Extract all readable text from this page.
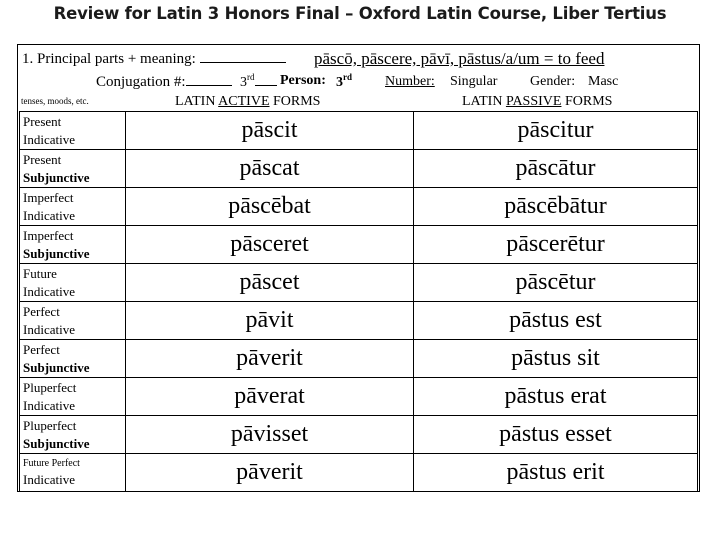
Review for Latin 3 Honors Final – Oxford Latin Course, Liber Tertius
1. Principal parts + meaning:	pāscō, pāscere, pāvī, pāstus/a/um = to feed
Conjugation #:	3rd	Person: 3rd Number: Singular Gender: Masc
tenses, moods, etc.	LATIN ACTIVE FORMS	LATIN PASSIVE FORMS
Present
Indicative	pāscit	pāscitur

Present
Subjunctive	pāscat	pāscātur

Imperfect
Indicative	pāscēbat	pāscēbātur

Imperfect
Subjunctive	pāsceret	pāscerētur

Future
Indicative	pāscet	pāscētur

Perfect
Indicative	pāvit	pāstus est

Perfect
Subjunctive	pāverit	pāstus sit

Pluperfect
Indicative	pāverat	pāstus erat

Pluperfect
Subjunctive	pāvisset	pāstus esset

Future Perfect
Indicative	pāverit	pāstus erit
